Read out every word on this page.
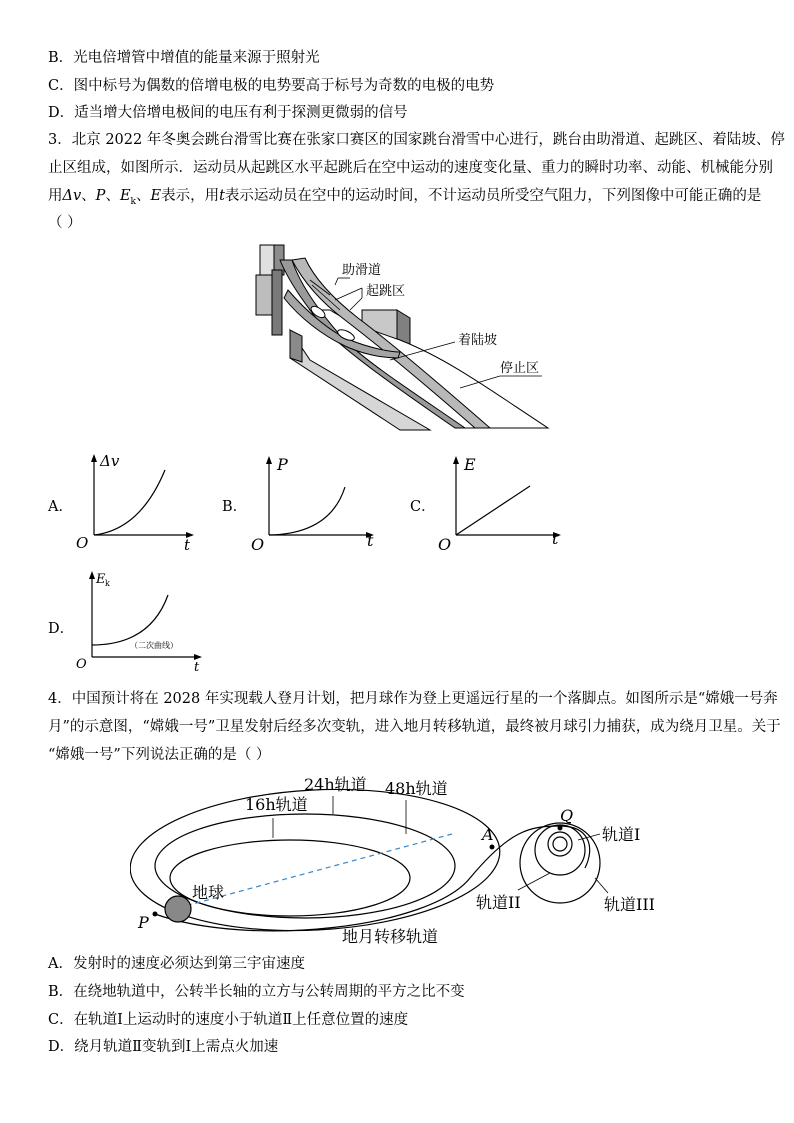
B．光电倍增管中增值的能量来源于照射光
C．图中标号为偶数的倍增电极的电势要高于标号为奇数的电极的电势
D．适当增大倍增电极间的电压有利于探测更微弱的信号
3．北京 2022 年冬奥会跳台滑雪比赛在张家口赛区的国家跳台滑雪中心进行，跳台由助滑道、起跳区、着陆坡、停
止区组成，如图所示．运动员从起跳区水平起跳后在空中运动的速度变化量、重力的瞬时功率、动能、机械能分别
用Δv、P、$E_k$、E表示，用t表示运动员在空中的运动时间，不计运动员所受空气阻力，下列图像中可能正确的是
（ ）
助滑道
起跳区
着陆坡
停止区
A．
Δv
t
O
B．
P
t
O
C．
E
t
O
D．
E k
t
O
（二次曲线）
4．中国预计将在 2028 年实现载人登月计划，把月球作为登上更遥远行星的一个落脚点。如图所示是“嫦娥一号奔
月”的示意图，“嫦娥一号”卫星发射后经多次变轨，进入地月转移轨道，最终被月球引力捕获，成为绕月卫星。关于
“嫦娥一号”下列说法正确的是（ ）
16h轨道
24h轨道 48h轨道
地球
P
A
Q
地月转移轨道
轨道I
轨道II	轨道III
A．发射时的速度必须达到第三宇宙速度
B．在绕地轨道中，公转半长轴的立方与公转周期的平方之比不变
C．在轨道Ⅰ上运动时的速度小于轨道Ⅱ上任意位置的速度
D．绕月轨道Ⅱ变轨到Ⅰ上需点火加速
